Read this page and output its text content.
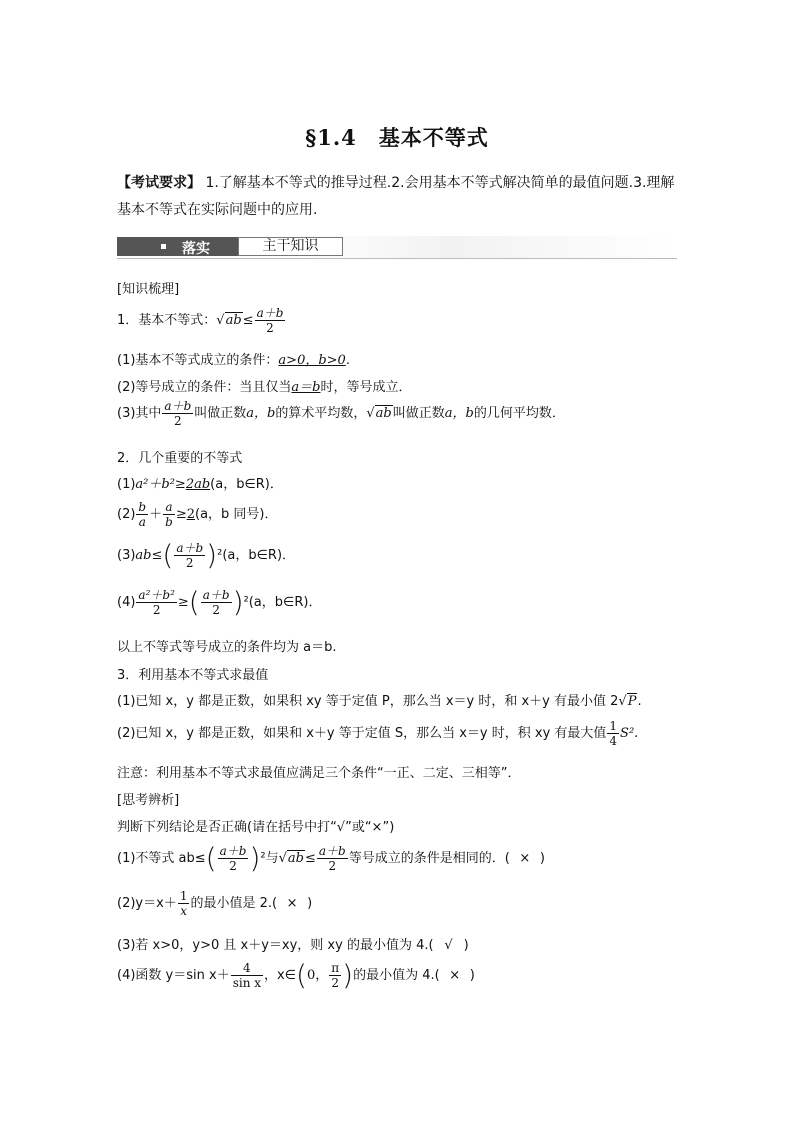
§1.4　基本不等式
【考试要求】 1.了解基本不等式的推导过程.2.会用基本不等式解决简单的最值问题.3.理解基本不等式在实际问题中的应用.
落实	主干知识
[知识梳理]
1．基本不等式：$√ab\le \frac{a+b}{2}$
(1)基本不等式成立的条件：a>0，b>0.
(2)等号成立的条件：当且仅当a＝b时，等号成立．
(3)其中 $\frac{a+b}{2}$ 叫做正数a，b的算术平均数，√ab叫做正数a，b的几何平均数．
2．几个重要的不等式
(1)a²＋b²≥2ab(a，b∈R)．
$(2) \frac{b}{a} + \frac{a}{b} \ge 2(a$，b 同号)．
$(3)ab\le( \frac{a+b}{2} )^2(a$，b∈R)．
$(4) \frac{\text{a²＋b²}}{2}$ ≥( $\frac{a+b}{2} )^2(a$，b∈R)．
以上不等式等号成立的条件均为 a＝b.
3．利用基本不等式求最值
(1)已知 x，y 都是正数，如果积 xy 等于定值 P，那么当 x＝y 时，和 x＋y 有最小值 2√P.
(2)已知 x，y 都是正数，如果和 x＋y 等于定值 S，那么当 x＝y 时，积 xy 有最大值 $\frac{1}{4} S^2$.
注意：利用基本不等式求最值应满足三个条件“一正、二定、三相等”．
[思考辨析]
判断下列结论是否正确(请在括号中打“√”或“×”)
(1)不等式 $ab\le( \frac{a+b}{2} )^2$与$√ab\le \frac{a+b}{2}$ 等号成立的条件是相同的．( × )
$(2)y=x+ \frac{1}{x}$ 的最小值是 2.( × )
(3)若 x>0，y>0 且 x＋y＝xy，则 xy 的最小值为 4.( √ )
(4)函数 y＝sin $x+ \frac{4}{\text{sin x}}$ ，x∈(0， $\frac{\pi}{2}$ )的最小值为 4.( × )
